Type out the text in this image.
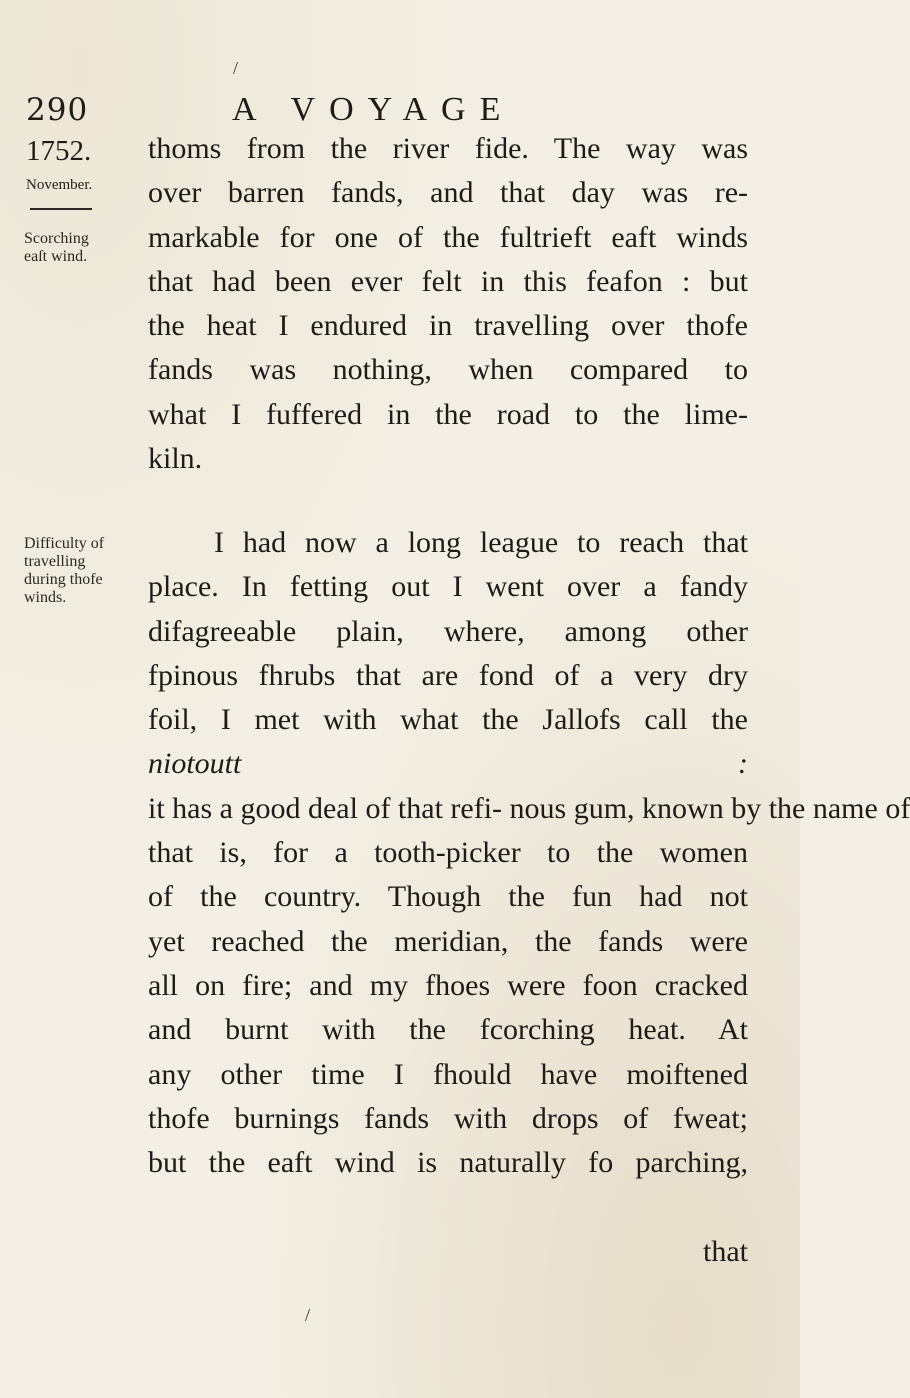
/
290	A VOYAGE
1752.
November.
Scorching
eaſt wind.
Difficulty of
travelling
during thofe
winds.
thoms from the river fide. The way was
over barren fands, and that day was re-
markable for one of the fultrieft eaft winds
that had been ever felt in this feafon : but
the heat I endured in travelling over thofe
fands was nothing, when compared to
what I fuffered in the road to the lime-
kiln.
I had now a long league to reach that
place. In fetting out I went over a fandy
difagreeable plain, where, among other
fpinous fhrubs that are fond of a very dry
foil, I met with what the Jallofs call the
niotoutt :
it has a good deal of that refi- nous gum, known by the name of
that is, for a tooth-picker to the women
of the country. Though the fun had not
yet reached the meridian, the fands were
all on fire; and my fhoes were foon cracked
and burnt with the fcorching heat. At
any other time I fhould have moiftened
thofe burnings fands with drops of fweat;
but the eaft wind is naturally fo parching,
that
/
